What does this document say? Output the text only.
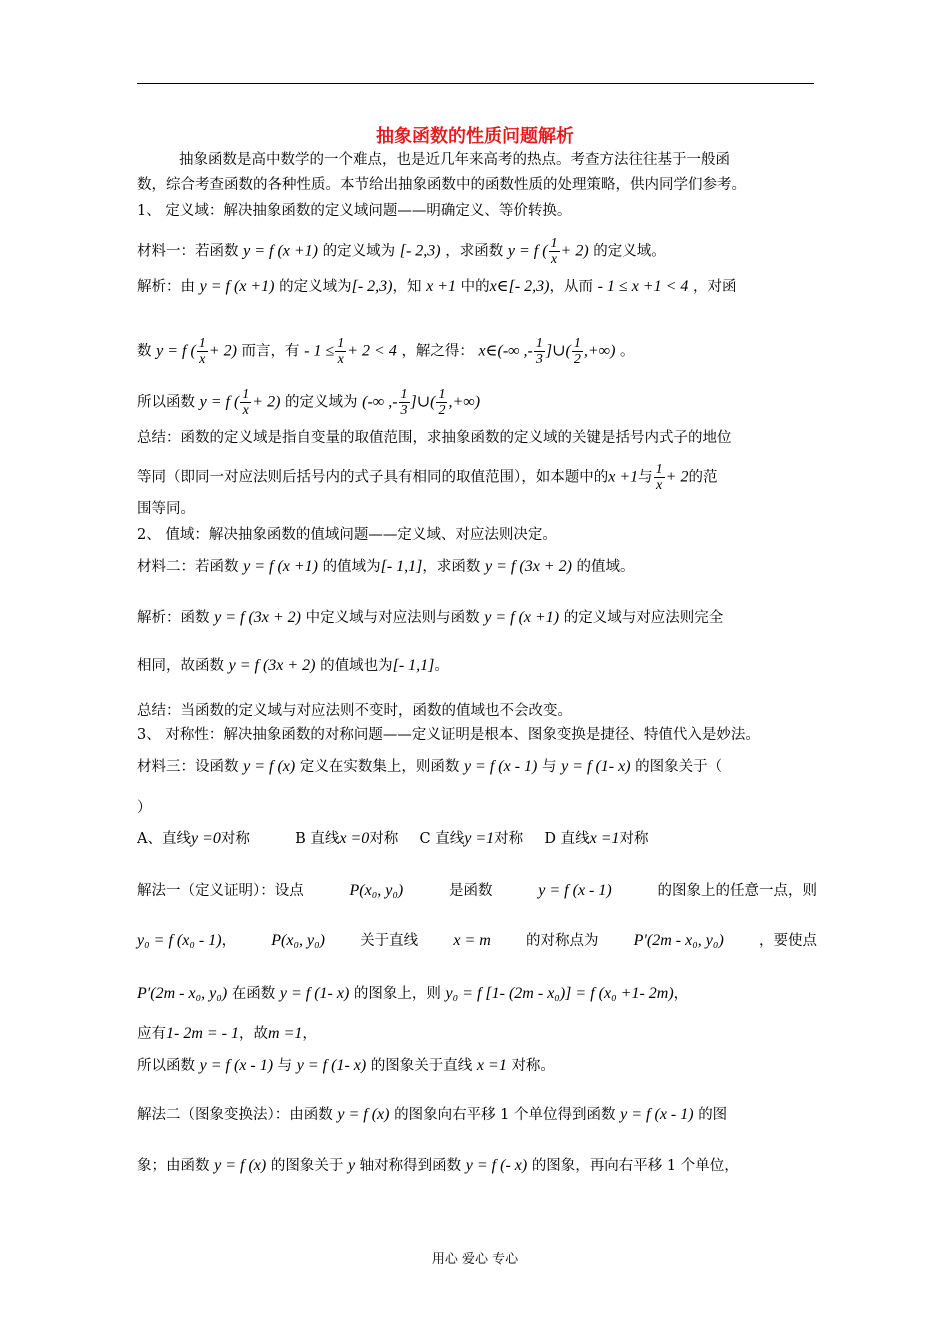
抽象函数的性质问题解析
抽象函数是高中数学的一个难点，也是近几年来高考的热点。考查方法往往基于一般函
数，综合考查函数的各种性质。本节给出抽象函数中的函数性质的处理策略，供内同学们参考。
1、 定义域：解决抽象函数的定义域问题——明确定义、等价转换。
材料一：若函数 y = f (x +1) 的定义域为 [- 2,3) ，求函数 y = f ( $\frac{1}{x} + 2$) 的定义域。
解析：由 y = f (x +1) 的定义域为[- 2,3)，知 x +1 中的x∈[- 2,3)，从而 - 1 ≤ x +1 < 4 ，对函
数 y = f ( $\frac{1}{x} + 2$) 而言，有 - $1 \le \frac{1}{x} + 2 < 4$ ，解之得： x∈(-∞ ,- $\frac{1}{3}$ ]∪( $\frac{1}{2}$ ,+∞) 。
所以函数 y = f ( $\frac{1}{x} + 2$) 的定义域为 (-∞ ,- $\frac{1}{3}$ ]∪( $\frac{1}{2}$ ,+∞)
总结：函数的定义域是指自变量的取值范围，求抽象函数的定义域的关键是括号内式子的地位
等同（即同一对应法则后括号内的式子具有相同的取值范围），如本题中的x +1与 $\frac{1}{x} + 2$的范
围等同。
2、 值域：解决抽象函数的值域问题——定义域、对应法则决定。
材料二：若函数 y = f (x +1) 的值域为[- 1,1]，求函数 y = f (3x + 2) 的值域。
解析：函数 y = f (3x + 2) 中定义域与对应法则与函数 y = f (x +1) 的定义域与对应法则完全
相同，故函数 y = f (3x + 2) 的值域也为[- 1,1]。
总结：当函数的定义域与对应法则不变时，函数的值域也不会改变。
3、 对称性：解决抽象函数的对称问题——定义证明是根本、图象变换是捷径、特值代入是妙法。
材料三：设函数 y = f (x) 定义在实数集上，则函数 y = f (x - 1) 与 y = f (1- x) 的图象关于（
）
A、直线y =0对称	B 直线x =0对称 C 直线y =1对称 D 直线x =1对称
解法一（定义证明）：设点	P(x₀, y₀)	是函数	y = f (x - 1)	的图象上的任意一点，则
y₀ = f (x₀ - 1)， P(x₀, y₀) 关于直线 x = m 的对称点为 P′(2m - x₀, y₀) ，要使点
P′(2m - x₀, y₀) 在函数 y = f (1- x) 的图象上，则 y₀ = f [1- (2m - x₀)] = f (x₀ +1- 2m)，
应有1- 2m = - 1，故m =1，
所以函数 y = f (x - 1) 与 y = f (1- x) 的图象关于直线 x =1 对称。
解法二（图象变换法）：由函数 y = f (x) 的图象向右平移 1 个单位得到函数 y = f (x - 1) 的图
象；由函数 y = f (x) 的图象关于 y 轴对称得到函数 y = f (- x) 的图象，再向右平移 1 个单位，
用心 爱心 专心
